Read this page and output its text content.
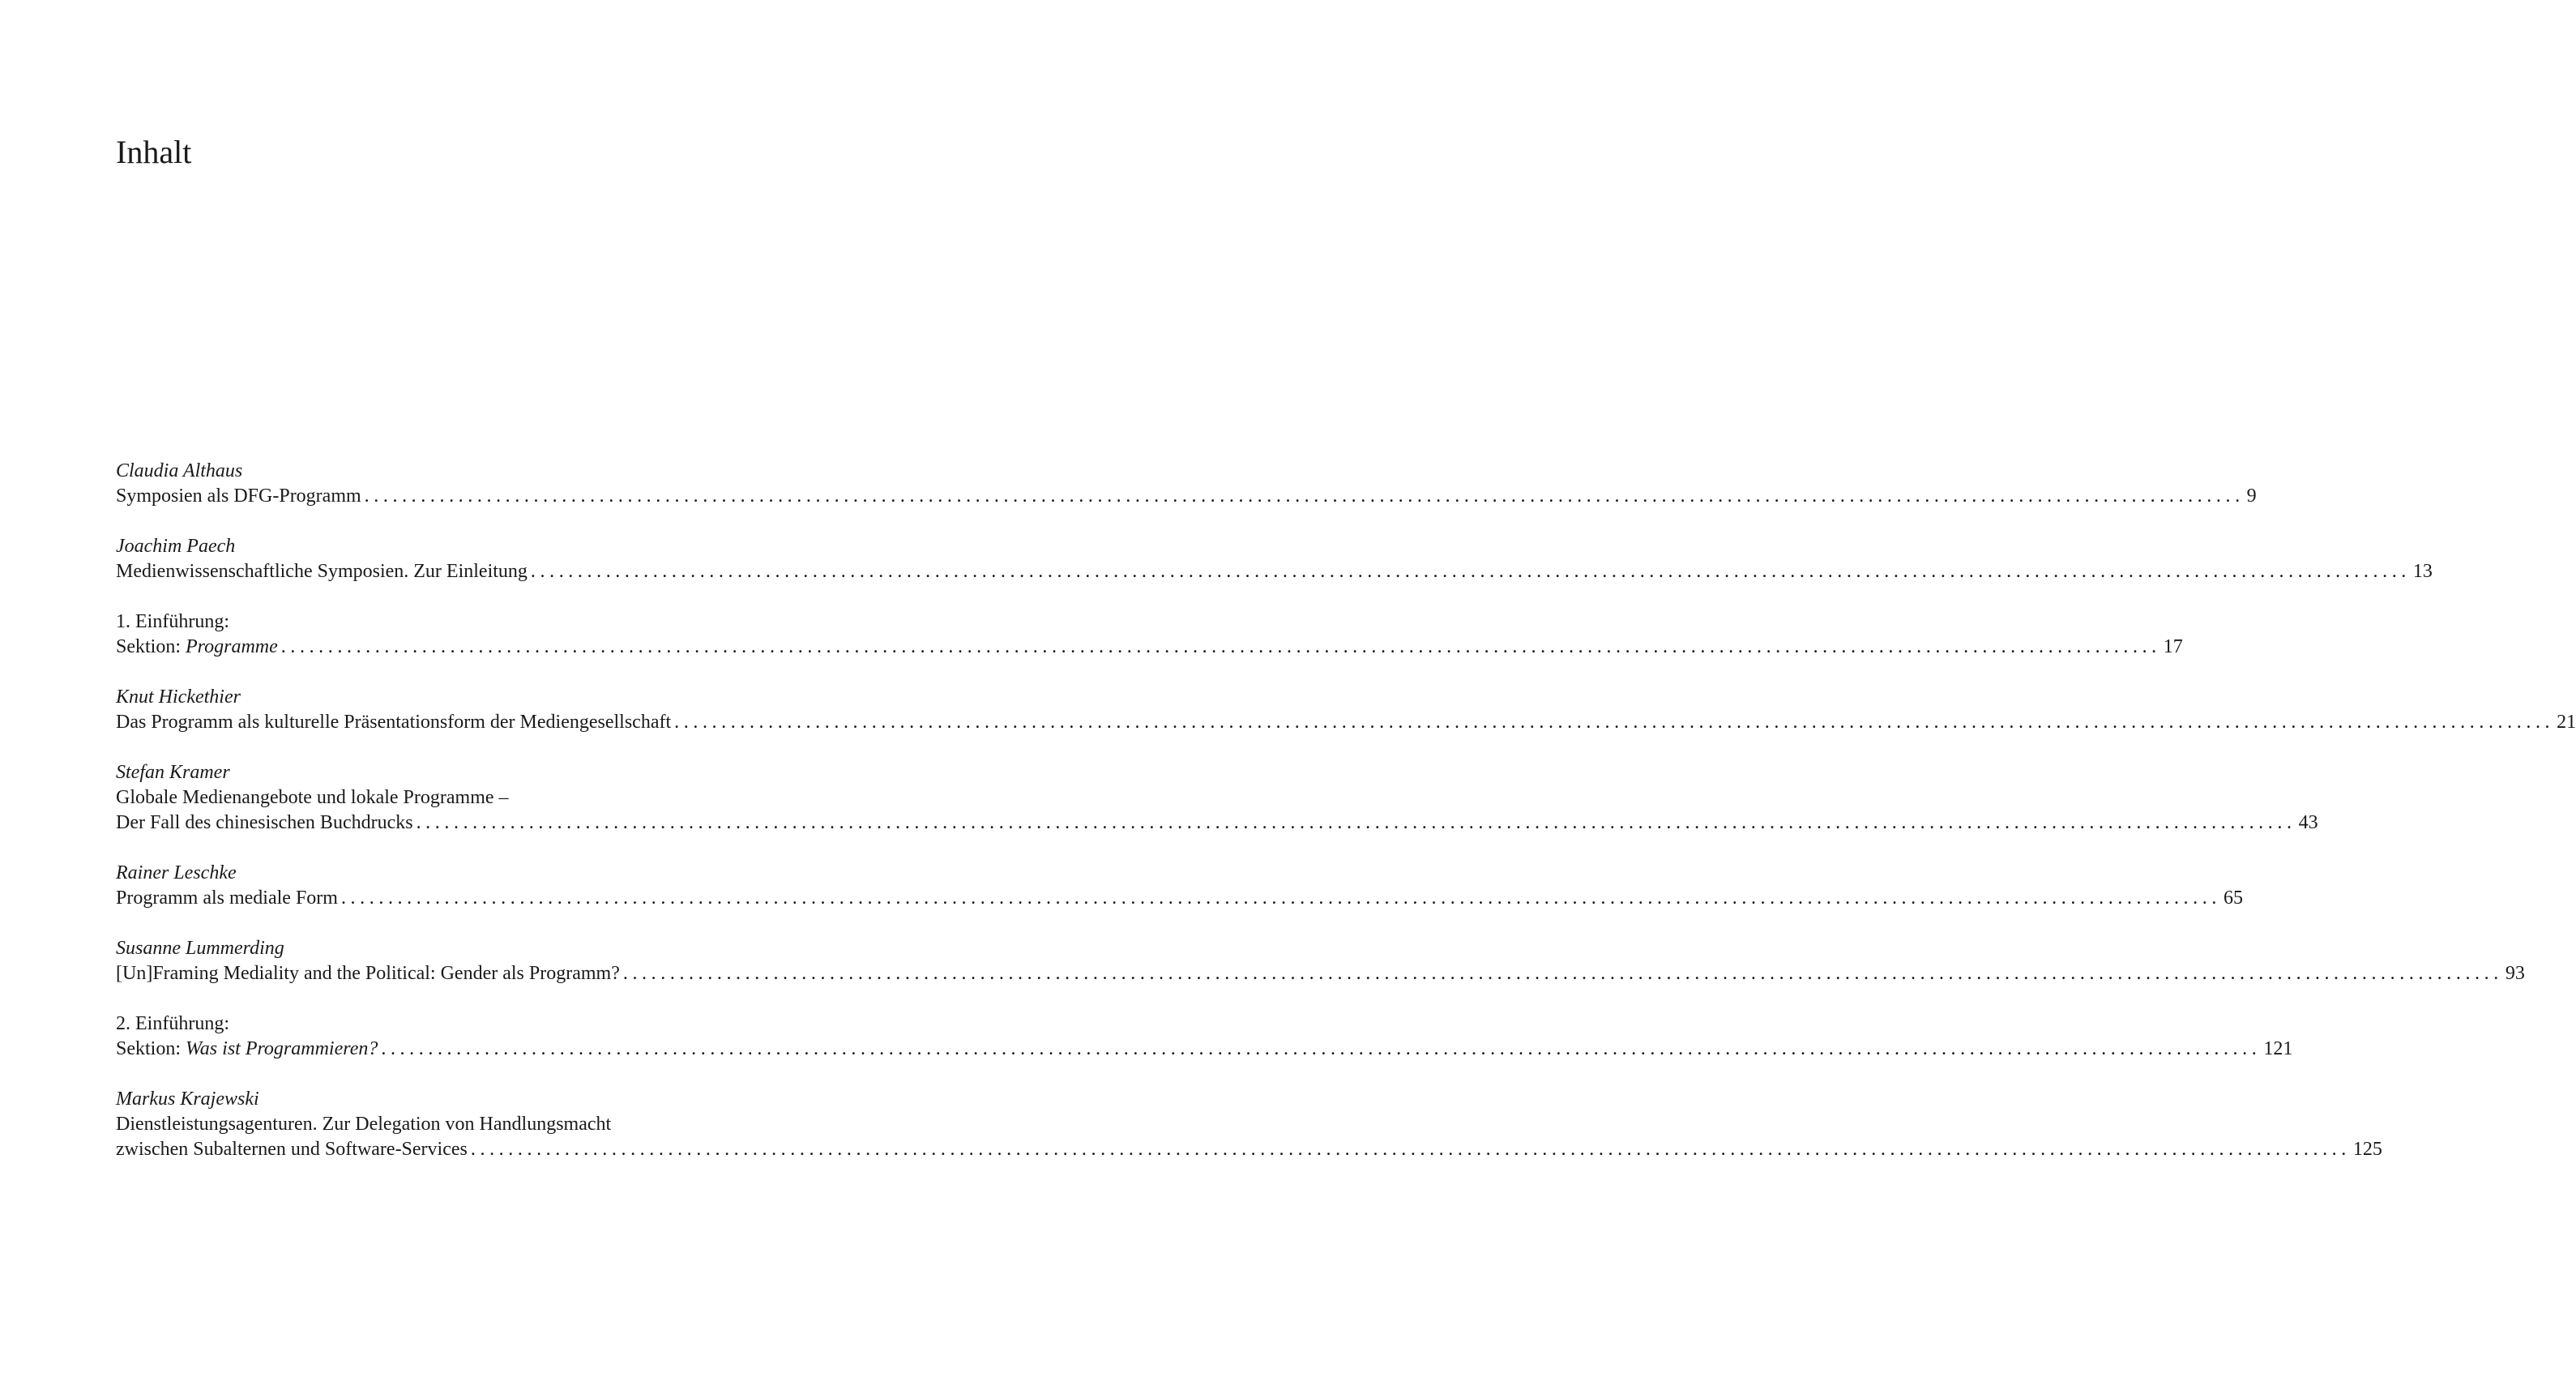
Inhalt
Claudia Althaus
Symposien als DFG-Programm ........................................................................................................................................................................................................ 9
Joachim Paech
Medienwissenschaftliche Symposien. Zur Einleitung ........................................................................................................................................................................................................ 13
1. Einführung:
Sektion: Programme ........................................................................................................................................................................................................ 17
Knut Hickethier
Das Programm als kulturelle Präsentationsform der Mediengesellschaft ........................................................................................................................................................................................................ 21
Stefan Kramer
Globale Medienangebote und lokale Programme –
Der Fall des chinesischen Buchdrucks ........................................................................................................................................................................................................ 43
Rainer Leschke
Programm als mediale Form ........................................................................................................................................................................................................ 65
Susanne Lummerding
[Un]Framing Mediality and the Political: Gender als Programm? ........................................................................................................................................................................................................ 93
2. Einführung:
Sektion: Was ist Programmieren? ........................................................................................................................................................................................................ 121
Markus Krajewski
Dienstleistungsagenturen. Zur Delegation von Handlungsmacht
zwischen Subalternen und Software-Services ........................................................................................................................................................................................................ 125
